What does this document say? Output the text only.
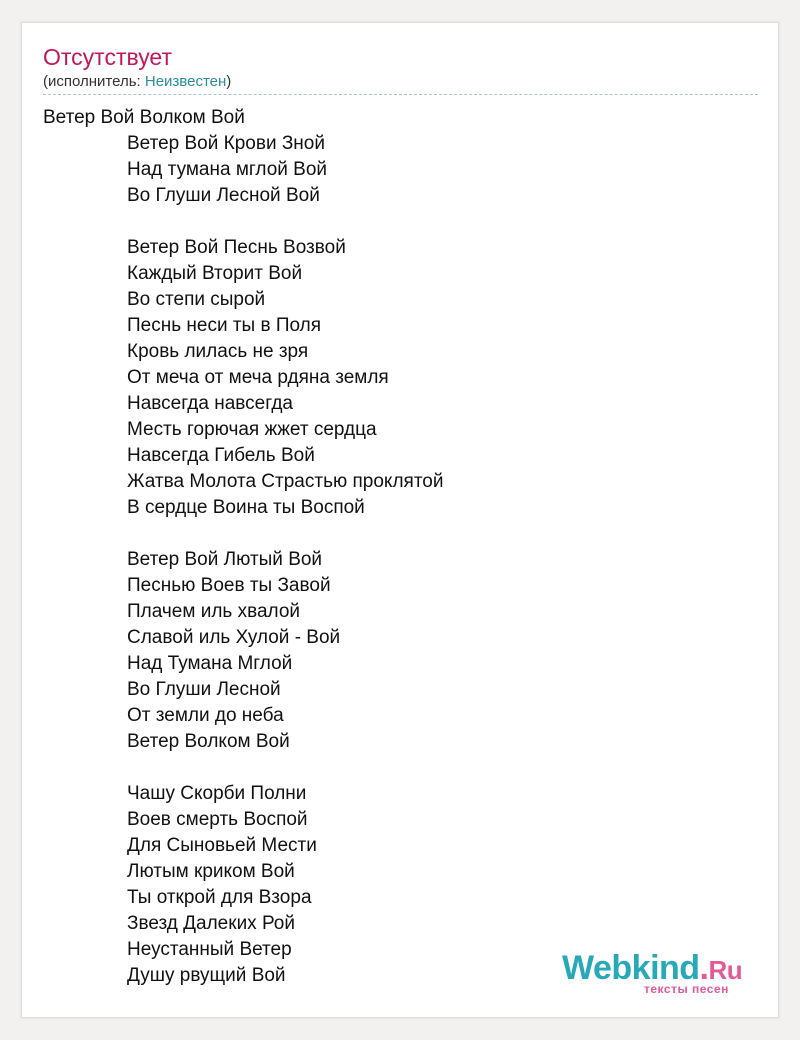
Отсутствует
(исполнитель: Неизвестен)
Ветер Вой Волком Вой
Ветер Вой Крови Зной
Над тумана мглой Вой
Во Глуши Лесной Вой
Ветер Вой Песнь Возвой
Каждый Вторит Вой
Во степи сырой
Песнь неси ты в Поля
Кровь лилась не зря
От меча от меча рдяна земля
Навсегда навсегда
Месть горючая жжет сердца
Навсегда Гибель Вой
Жатва Молота Страстью проклятой
В сердце Воина ты Воспой
Ветер Вой Лютый Вой
Песнью Воев ты Завой
Плачем иль хвалой
Славой иль Хулой - Вой
Над Тумана Мглой
Во Глуши Лесной
От земли до неба
Ветер Волком Вой
Чашу Скорби Полни
Воев смерть Воспой
Для Сыновьей Мести
Лютым криком Вой
Ты открой для Взора
Звезд Далеких Рой
Неустанный Ветер
Душу рвущий Вой	Webkind.Ru
тексты песен
